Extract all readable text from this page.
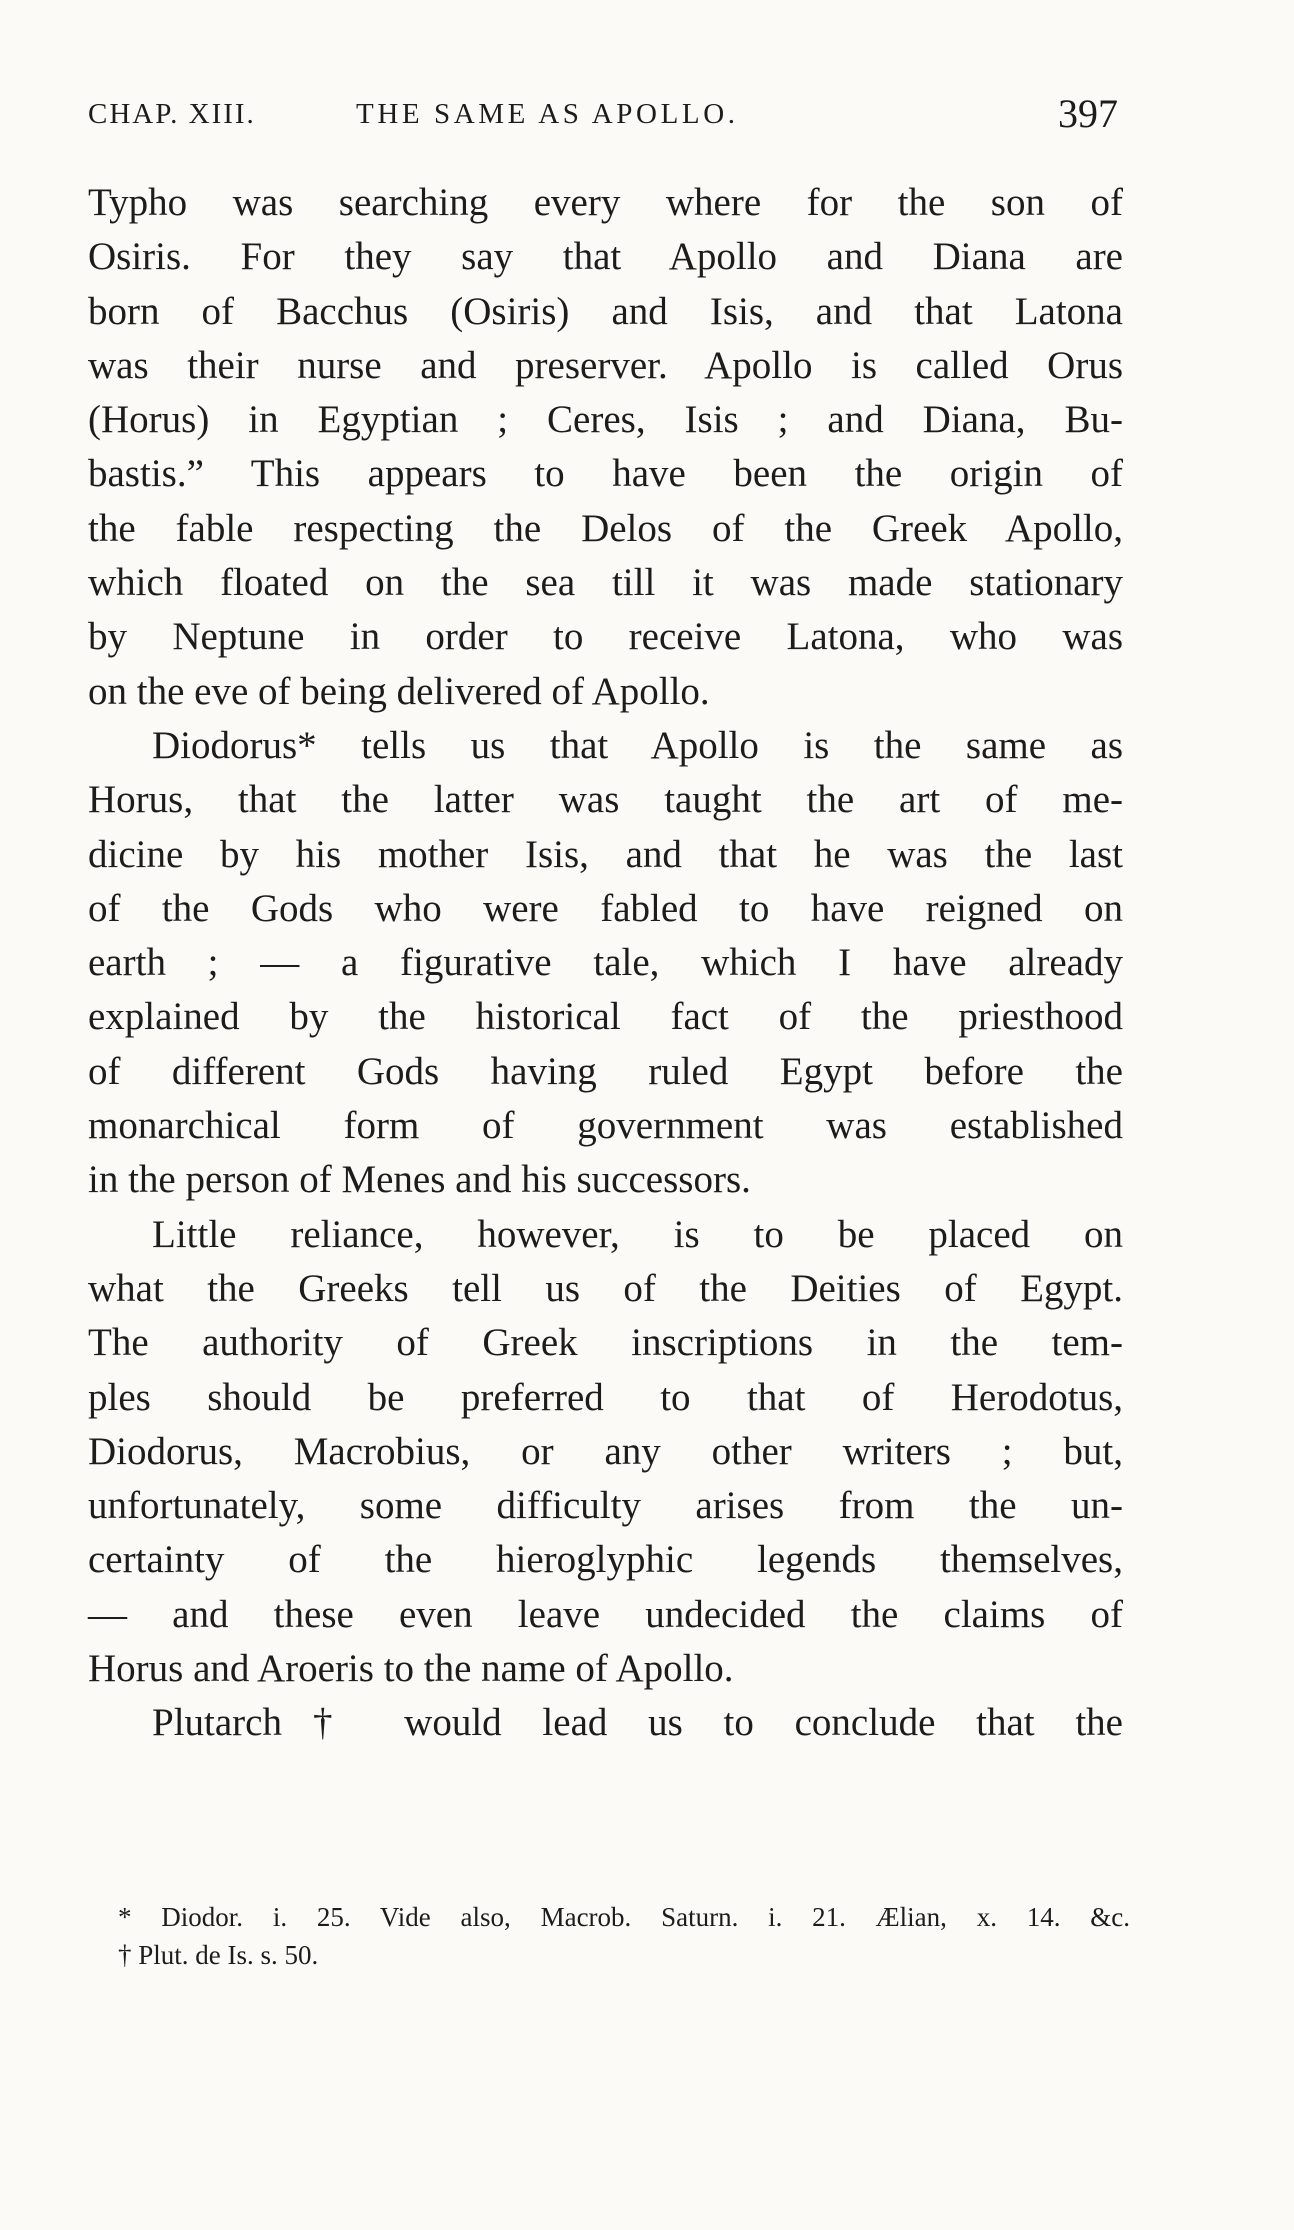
CHAP. XIII.	THE SAME AS APOLLO.	397
Typho was searching every where for the son of
Osiris. For they say that Apollo and Diana are
born of Bacchus (Osiris) and Isis, and that Latona
was their nurse and preserver. Apollo is called Orus
(Horus) in Egyptian ; Ceres, Isis ; and Diana, Bu-
bastis.” This appears to have been the origin of
the fable respecting the Delos of the Greek Apollo,
which floated on the sea till it was made stationary
by Neptune in order to receive Latona, who was
on the eve of being delivered of Apollo.
Diodorus* tells us that Apollo is the same as
Horus, that the latter was taught the art of me-
dicine by his mother Isis, and that he was the last
of the Gods who were fabled to have reigned on
earth ; — a figurative tale, which I have already
explained by the historical fact of the priesthood
of different Gods having ruled Egypt before the
monarchical form of government was established
in the person of Menes and his successors.
Little reliance, however, is to be placed on
what the Greeks tell us of the Deities of Egypt.
The authority of Greek inscriptions in the tem-
ples should be preferred to that of Herodotus,
Diodorus, Macrobius, or any other writers ; but,
unfortunately, some difficulty arises from the un-
certainty of the hieroglyphic legends themselves,
— and these even leave undecided the claims of
Horus and Aroeris to the name of Apollo.
Plutarch† would lead us to conclude that the
* Diodor. i. 25. Vide also, Macrob. Saturn. i. 21. Ælian, x. 14. &c.
† Plut. de Is. s. 50.
